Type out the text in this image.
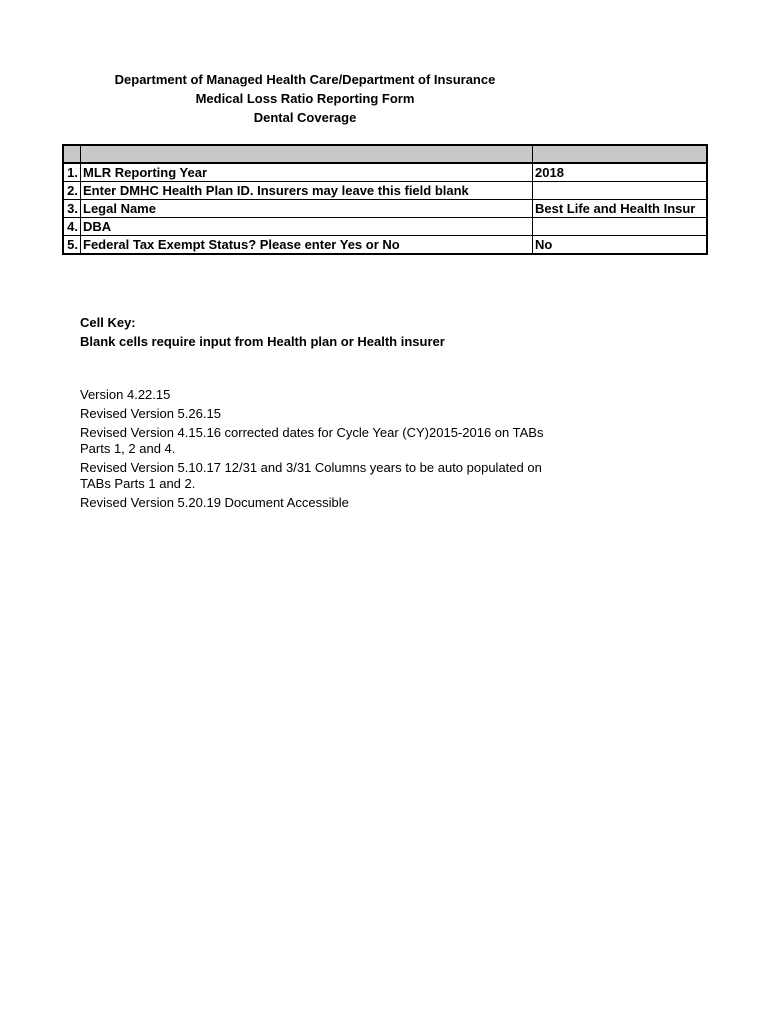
Department of Managed Health Care/Department of Insurance
Medical Loss Ratio Reporting Form
Dental Coverage

1.	MLR Reporting Year	2018
2.	Enter DMHC Health Plan ID. Insurers may leave this field blank	
3.	Legal Name	Best Life and Health Insur
4.	DBA	
5.	Federal Tax Exempt Status? Please enter Yes or No	No
Cell Key:
Blank cells require input from Health plan or Health insurer
Version 4.22.15
Revised Version 5.26.15
Revised Version 4.15.16 corrected dates for Cycle Year (CY)2015-2016 on TABs Parts 1, 2 and 4.
Revised Version 5.10.17 12/31 and 3/31 Columns years to be auto populated on TABs Parts 1 and 2.
Revised Version 5.20.19 Document Accessible
